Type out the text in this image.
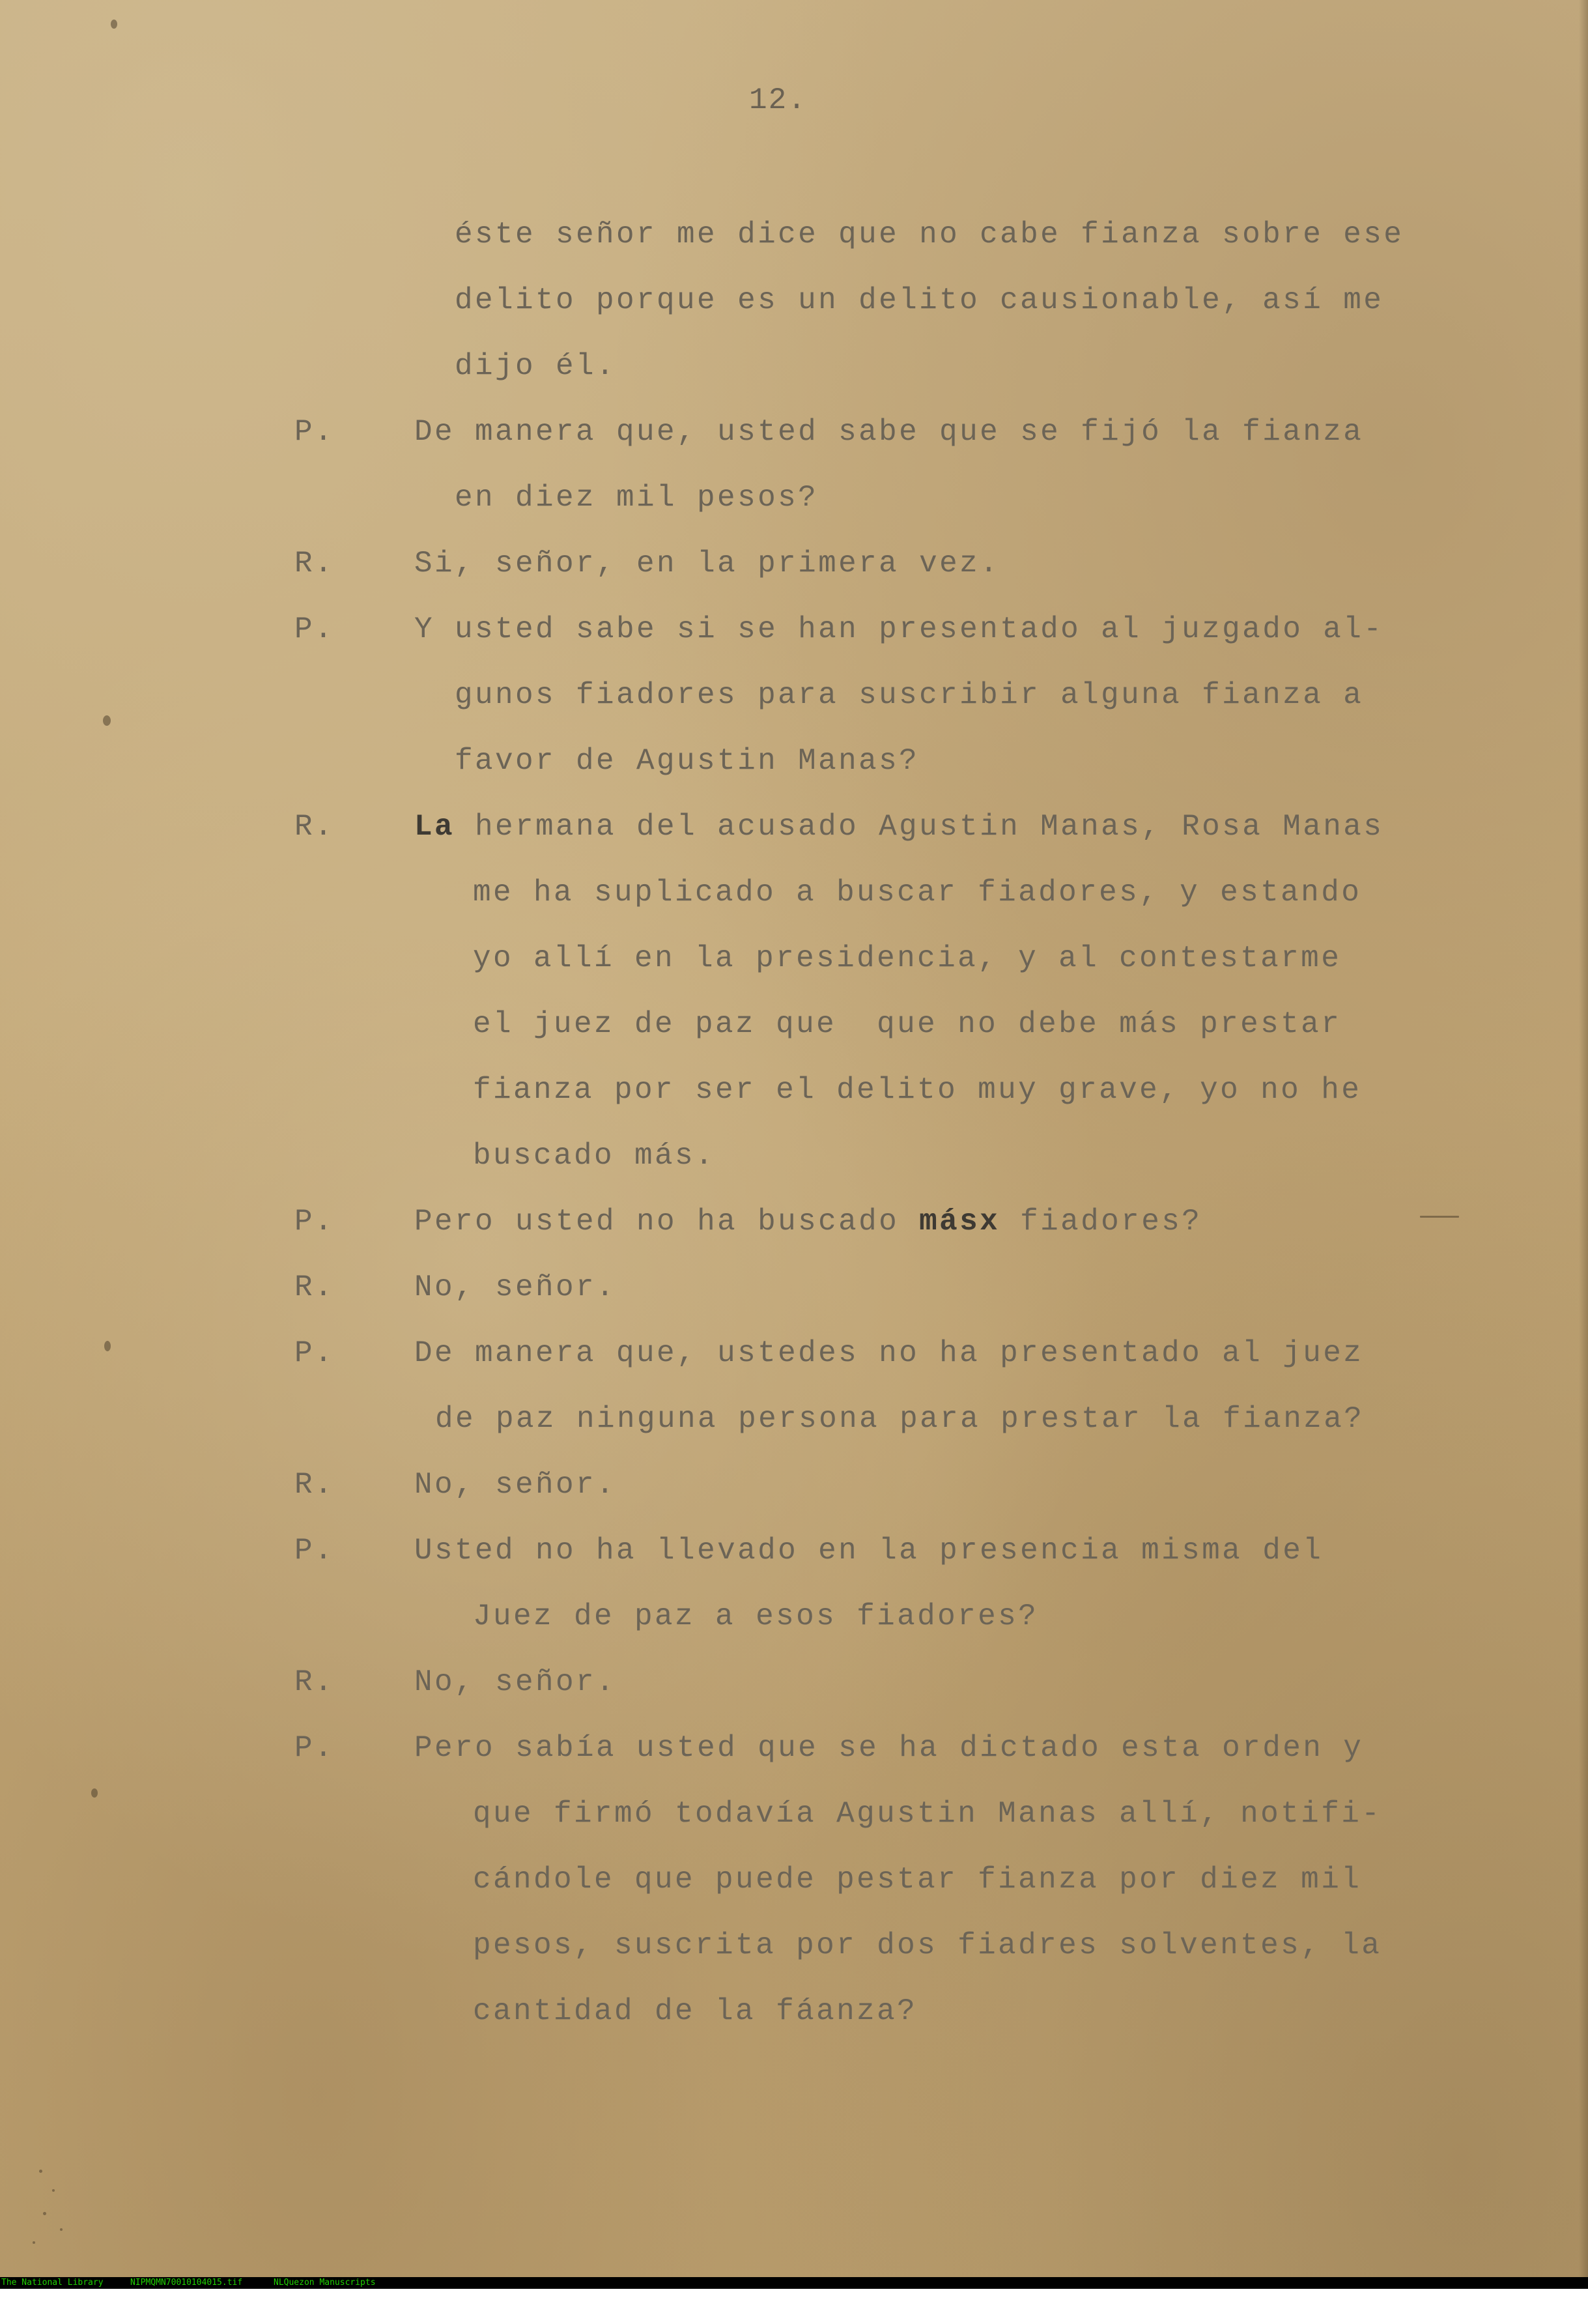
12.
éste señor me dice que no cabe fianza sobre ese
delito porque es un delito causionable, así me
dijo él.
P.	De manera que, usted sabe que se fijó la fianza
en diez mil pesos?
R.	Si, señor, en la primera vez.
P.	Y usted sabe si se han presentado al juzgado al-
gunos fiadores para suscribir alguna fianza a
favor de Agustin Manas?
R.	La hermana del acusado Agustin Manas, Rosa Manas
me ha suplicado a buscar fiadores, y estando
yo allí en la presidencia, y al contestarme
el juez de paz que  que no debe más prestar
fianza por ser el delito muy grave, yo no he
buscado más.
P.	Pero usted no ha buscado másx fiadores?
R.	No, señor.
P.	De manera que, ustedes no ha presentado al juez
de paz ninguna persona para prestar la fianza?
R.	No, señor.
P.	Usted no ha llevado en la presencia misma del
Juez de paz a esos fiadores?
R.	No, señor.
P.	Pero sabía usted que se ha dictado esta orden y
que firmó todavía Agustin Manas allí, notifi-
cándole que puede pestar fianza por diez mil
pesos, suscrita por dos fiadres solventes, la
cantidad de la fáanza?

The National Library

	NIPMQMN70010104015.tif

	NLQuezon Manuscripts
